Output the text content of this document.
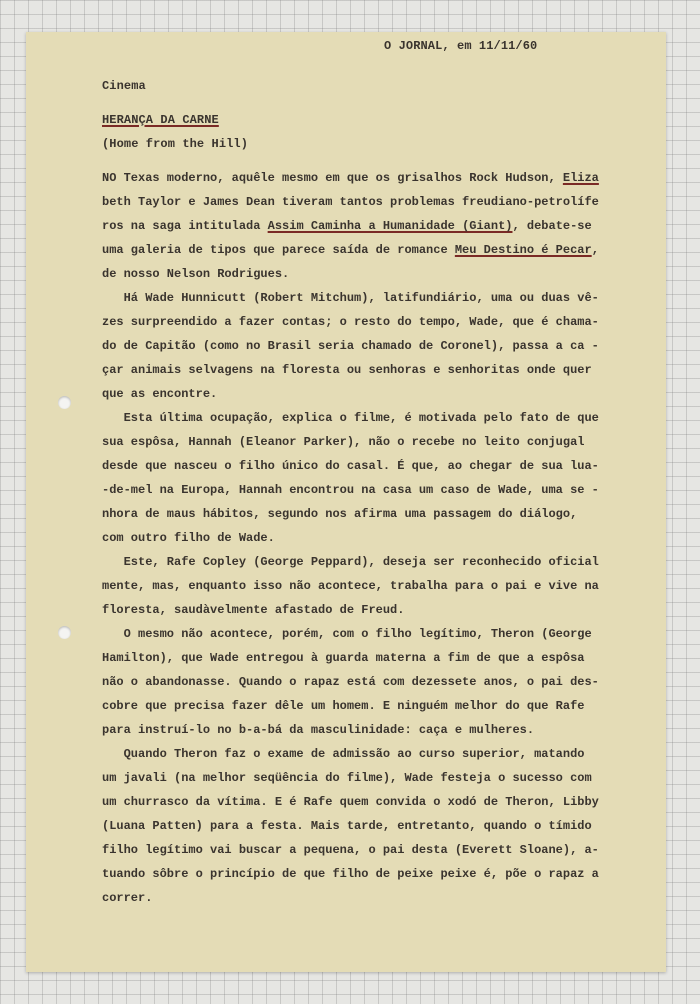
O JORNAL, em 11/11/60
Cinema
HERANÇA DA CARNE
(Home from the Hill)
NO Texas moderno, aquêle mesmo em que os grisalhos Rock Hudson, Eliza
beth Taylor e James Dean tiveram tantos problemas freudiano-petrolífe
ros na saga intitulada Assim Caminha a Humanidade (Giant), debate-se
uma galeria de tipos que parece saída de romance Meu Destino é Pecar,
de nosso Nelson Rodrigues.
Há Wade Hunnicutt (Robert Mitchum), latifundiário, uma ou duas vê-
zes surpreendido a fazer contas; o resto do tempo, Wade, que é chama-
do de Capitão (como no Brasil seria chamado de Coronel), passa a ca -
çar animais selvagens na floresta ou senhoras e senhoritas onde quer
que as encontre.
Esta última ocupação, explica o filme, é motivada pelo fato de que
sua espôsa, Hannah (Eleanor Parker), não o recebe no leito conjugal
desde que nasceu o filho único do casal. É que, ao chegar de sua lua-
-de-mel na Europa, Hannah encontrou na casa um caso de Wade, uma se -
nhora de maus hábitos, segundo nos afirma uma passagem do diálogo,
com outro filho de Wade.
Este, Rafe Copley (George Peppard), deseja ser reconhecido oficial
mente, mas, enquanto isso não acontece, trabalha para o pai e vive na
floresta, saudàvelmente afastado de Freud.
O mesmo não acontece, porém, com o filho legítimo, Theron (George
Hamilton), que Wade entregou à guarda materna a fim de que a espôsa
não o abandonasse. Quando o rapaz está com dezessete anos, o pai des-
cobre que precisa fazer dêle um homem. E ninguém melhor do que Rafe
para instruí-lo no b-a-bá da masculinidade: caça e mulheres.
Quando Theron faz o exame de admissão ao curso superior, matando
um javali (na melhor seqüência do filme), Wade festeja o sucesso com
um churrasco da vítima. E é Rafe quem convida o xodó de Theron, Libby
(Luana Patten) para a festa. Mais tarde, entretanto, quando o tímido
filho legítimo vai buscar a pequena, o pai desta (Everett Sloane), a-
tuando sôbre o princípio de que filho de peixe peixe é, põe o rapaz a
correr.
